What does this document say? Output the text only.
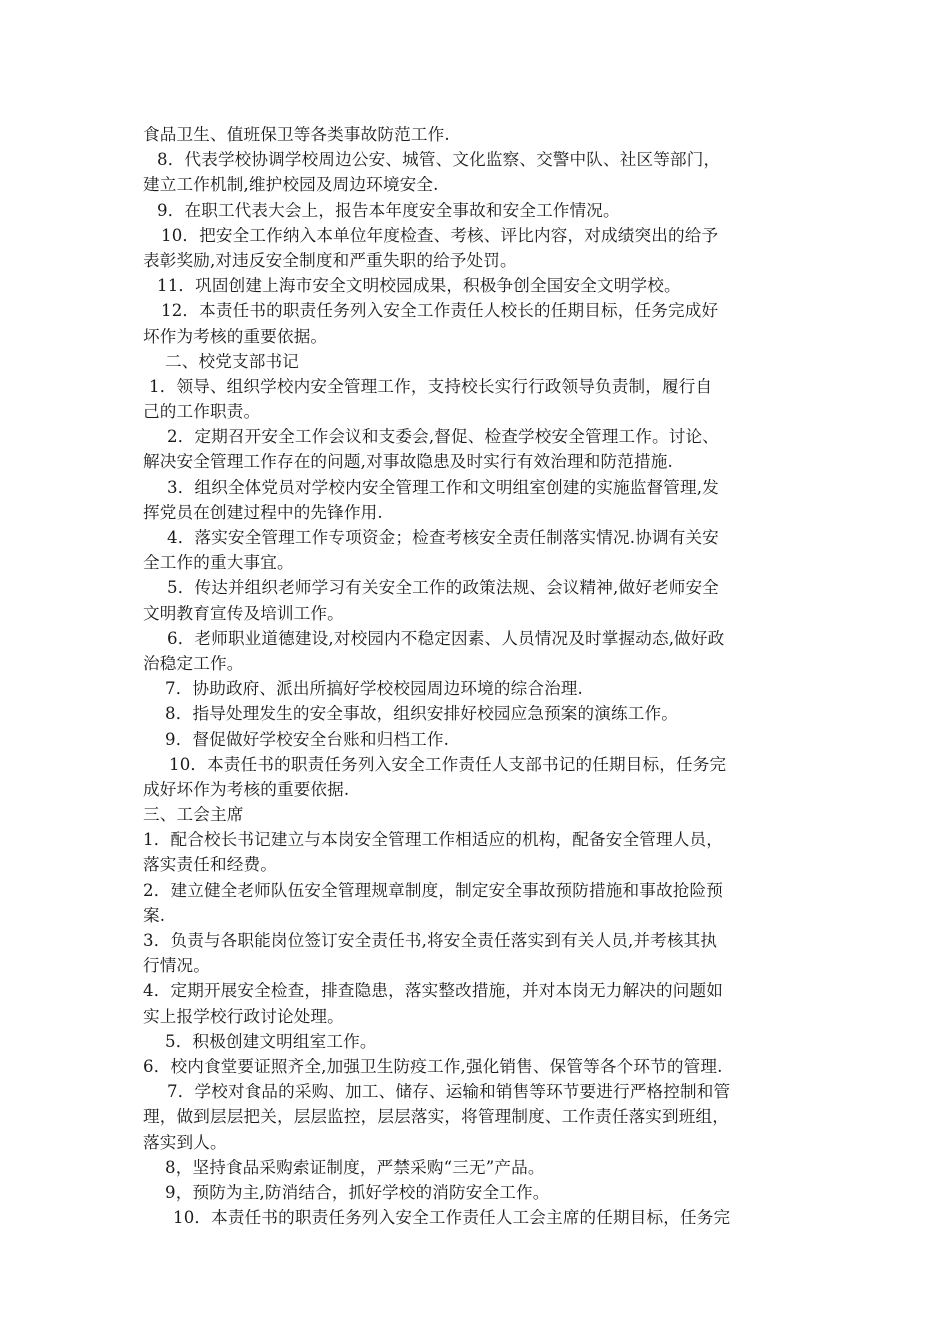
食品卫生、值班保卫等各类事故防范工作.
8．代表学校协调学校周边公安、城管、文化监察、交警中队、社区等部门，
建立工作机制,维护校园及周边环境安全.
9．在职工代表大会上，报告本年度安全事故和安全工作情况。
10．把安全工作纳入本单位年度检查、考核、评比内容，对成绩突出的给予
表彰奖励,对违反安全制度和严重失职的给予处罚。
11．巩固创建上海市安全文明校园成果，积极争创全国安全文明学校。
12．本责任书的职责任务列入安全工作责任人校长的任期目标，任务完成好
坏作为考核的重要依据。
二、校党支部书记
1．领导、组织学校内安全管理工作，支持校长实行行政领导负责制，履行自
己的工作职责。
2．定期召开安全工作会议和支委会,督促、检查学校安全管理工作。讨论、
解决安全管理工作存在的问题,对事故隐患及时实行有效治理和防范措施.
3．组织全体党员对学校内安全管理工作和文明组室创建的实施监督管理,发
挥党员在创建过程中的先锋作用.
4．落实安全管理工作专项资金；检查考核安全责任制落实情况.协调有关安
全工作的重大事宜。
5．传达并组织老师学习有关安全工作的政策法规、会议精神,做好老师安全
文明教育宣传及培训工作。
6．老师职业道德建设,对校园内不稳定因素、人员情况及时掌握动态,做好政
治稳定工作。
7．协助政府、派出所搞好学校校园周边环境的综合治理.
8．指导处理发生的安全事故，组织安排好校园应急预案的演练工作。
9．督促做好学校安全台账和归档工作.
10．本责任书的职责任务列入安全工作责任人支部书记的任期目标，任务完
成好坏作为考核的重要依据.
三、工会主席
1．配合校长书记建立与本岗安全管理工作相适应的机构，配备安全管理人员，
落实责任和经费。
2．建立健全老师队伍安全管理规章制度，制定安全事故预防措施和事故抢险预
案.
3．负责与各职能岗位签订安全责任书,将安全责任落实到有关人员,并考核其执
行情况。
4．定期开展安全检查，排查隐患，落实整改措施，并对本岗无力解决的问题如
实上报学校行政讨论处理。
5．积极创建文明组室工作。
6．校内食堂要证照齐全,加强卫生防疫工作,强化销售、保管等各个环节的管理.
7．学校对食品的采购、加工、储存、运输和销售等环节要进行严格控制和管
理，做到层层把关，层层监控，层层落实，将管理制度、工作责任落实到班组，
落实到人。
8，坚持食品采购索证制度，严禁采购“三无”产品。
9，预防为主,防消结合，抓好学校的消防安全工作。
10．本责任书的职责任务列入安全工作责任人工会主席的任期目标，任务完
